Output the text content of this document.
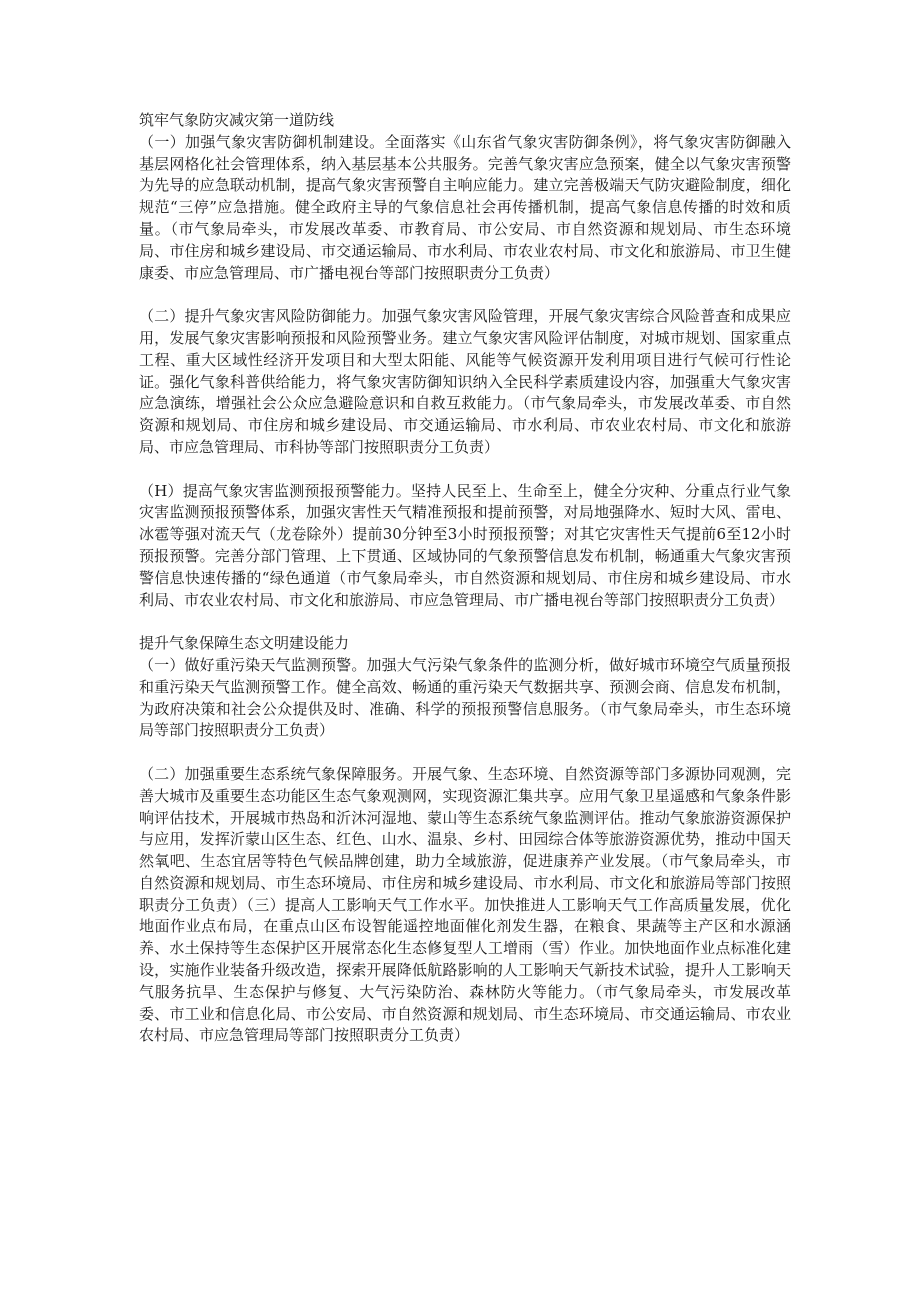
筑牢气象防灾减灾第一道防线

（一）加强气象灾害防御机制建设。全面落实《山东省气象灾害防御条例》，将气象灾害防御融入基层网格化社会管理体系，纳入基层基本公共服务。完善气象灾害应急预案，健全以气象灾害预警为先导的应急联动机制，提高气象灾害预警自主响应能力。建立完善极端天气防灾避险制度，细化规范“三停”应急措施。健全政府主导的气象信息社会再传播机制，提高气象信息传播的时效和质量。（市气象局牵头，市发展改革委、市教育局、市公安局、市自然资源和规划局、市生态环境局、市住房和城乡建设局、市交通运输局、市水利局、市农业农村局、市文化和旅游局、市卫生健康委、市应急管理局、市广播电视台等部门按照职责分工负责）

（二）提升气象灾害风险防御能力。加强气象灾害风险管理，开展气象灾害综合风险普查和成果应用，发展气象灾害影响预报和风险预警业务。建立气象灾害风险评估制度，对城市规划、国家重点工程、重大区域性经济开发项目和大型太阳能、风能等气候资源开发利用项目进行气候可行性论证。强化气象科普供给能力，将气象灾害防御知识纳入全民科学素质建设内容，加强重大气象灾害应急演练，增强社会公众应急避险意识和自救互救能力。（市气象局牵头，市发展改革委、市自然资源和规划局、市住房和城乡建设局、市交通运输局、市水利局、市农业农村局、市文化和旅游局、市应急管理局、市科协等部门按照职责分工负责）

（H）提高气象灾害监测预报预警能力。坚持人民至上、生命至上，健全分灾种、分重点行业气象灾害监测预报预警体系，加强灾害性天气精准预报和提前预警，对局地强降水、短时大风、雷电、冰雹等强对流天气（龙卷除外）提前30分钟至3小时预报预警；对其它灾害性天气提前6至12小时预报预警。完善分部门管理、上下贯通、区域协同的气象预警信息发布机制，畅通重大气象灾害预警信息快速传播的“绿色通道（市气象局牵头，市自然资源和规划局、市住房和城乡建设局、市水利局、市农业农村局、市文化和旅游局、市应急管理局、市广播电视台等部门按照职责分工负责）

提升气象保障生态文明建设能力

（一）做好重污染天气监测预警。加强大气污染气象条件的监测分析，做好城市环境空气质量预报和重污染天气监测预警工作。健全高效、畅通的重污染天气数据共享、预测会商、信息发布机制，为政府决策和社会公众提供及时、准确、科学的预报预警信息服务。（市气象局牵头，市生态环境局等部门按照职责分工负责）

（二）加强重要生态系统气象保障服务。开展气象、生态环境、自然资源等部门多源协同观测，完善大城市及重要生态功能区生态气象观测网，实现资源汇集共享。应用气象卫星遥感和气象条件影响评估技术，开展城市热岛和沂沐河湿地、蒙山等生态系统气象监测评估。推动气象旅游资源保护与应用，发挥沂蒙山区生态、红色、山水、温泉、乡村、田园综合体等旅游资源优势，推动中国天然氧吧、生态宜居等特色气候品牌创建，助力全域旅游，促进康养产业发展。（市气象局牵头，市自然资源和规划局、市生态环境局、市住房和城乡建设局、市水利局、市文化和旅游局等部门按照职责分工负责）（三）提高人工影响天气工作水平。加快推进人工影响天气工作高质量发展，优化地面作业点布局，在重点山区布设智能遥控地面催化剂发生器，在粮食、果蔬等主产区和水源涵养、水土保持等生态保护区开展常态化生态修复型人工增雨（雪）作业。加快地面作业点标准化建设，实施作业装备升级改造，探索开展降低航路影响的人工影响天气新技术试验，提升人工影响天气服务抗旱、生态保护与修复、大气污染防治、森林防火等能力。（市气象局牵头，市发展改革委、市工业和信息化局、市公安局、市自然资源和规划局、市生态环境局、市交通运输局、市农业农村局、市应急管理局等部门按照职责分工负责）
